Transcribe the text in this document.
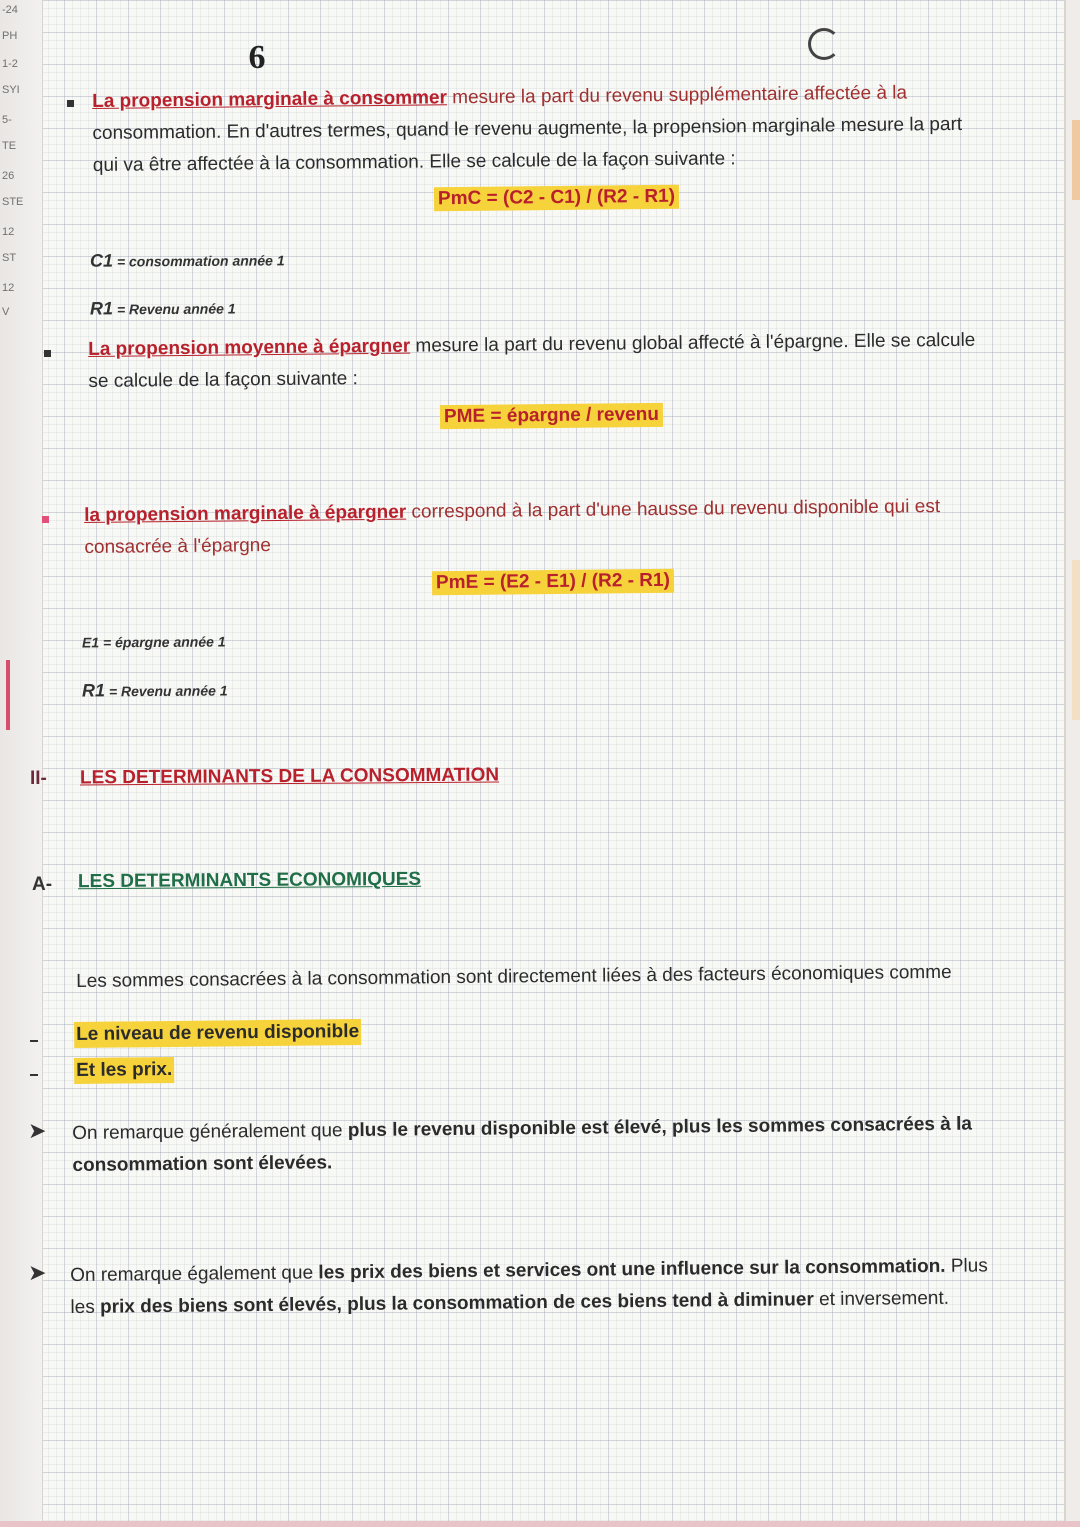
-24
PH
1-2
SYI
5-
TE
26
STE
12
ST
12
V
6
La propension marginale à consommer mesure la part du revenu supplémentaire affectée à la
consommation. En d'autres termes, quand le revenu augmente, la propension marginale mesure la part
qui va être affectée à la consommation. Elle se calcule de la façon suivante :
PmC = (C2 - C1) / (R2 - R1)
C1 = consommation année 1
R1 = Revenu année 1
La propension moyenne à épargner mesure la part du revenu global affecté à l'épargne. Elle se calcule
se calcule de la façon suivante :
PME = épargne / revenu
la propension marginale à épargner correspond à la part d'une hausse du revenu disponible qui est
consacrée à l'épargne
PmE = (E2 - E1) / (R2 - R1)
E1 = épargne année 1
R1 = Revenu année 1
II- LES DETERMINANTS DE LA CONSOMMATION
A- LES DETERMINANTS ECONOMIQUES
Les sommes consacrées à la consommation sont directement liées à des facteurs économiques comme
Le niveau de revenu disponible
Et les prix.
➤ On remarque généralement que plus le revenu disponible est élevé, plus les sommes consacrées à la
consommation sont élevées.
➤ On remarque également que les prix des biens et services ont une influence sur la consommation. Plus
les prix des biens sont élevés, plus la consommation de ces biens tend à diminuer et inversement.
